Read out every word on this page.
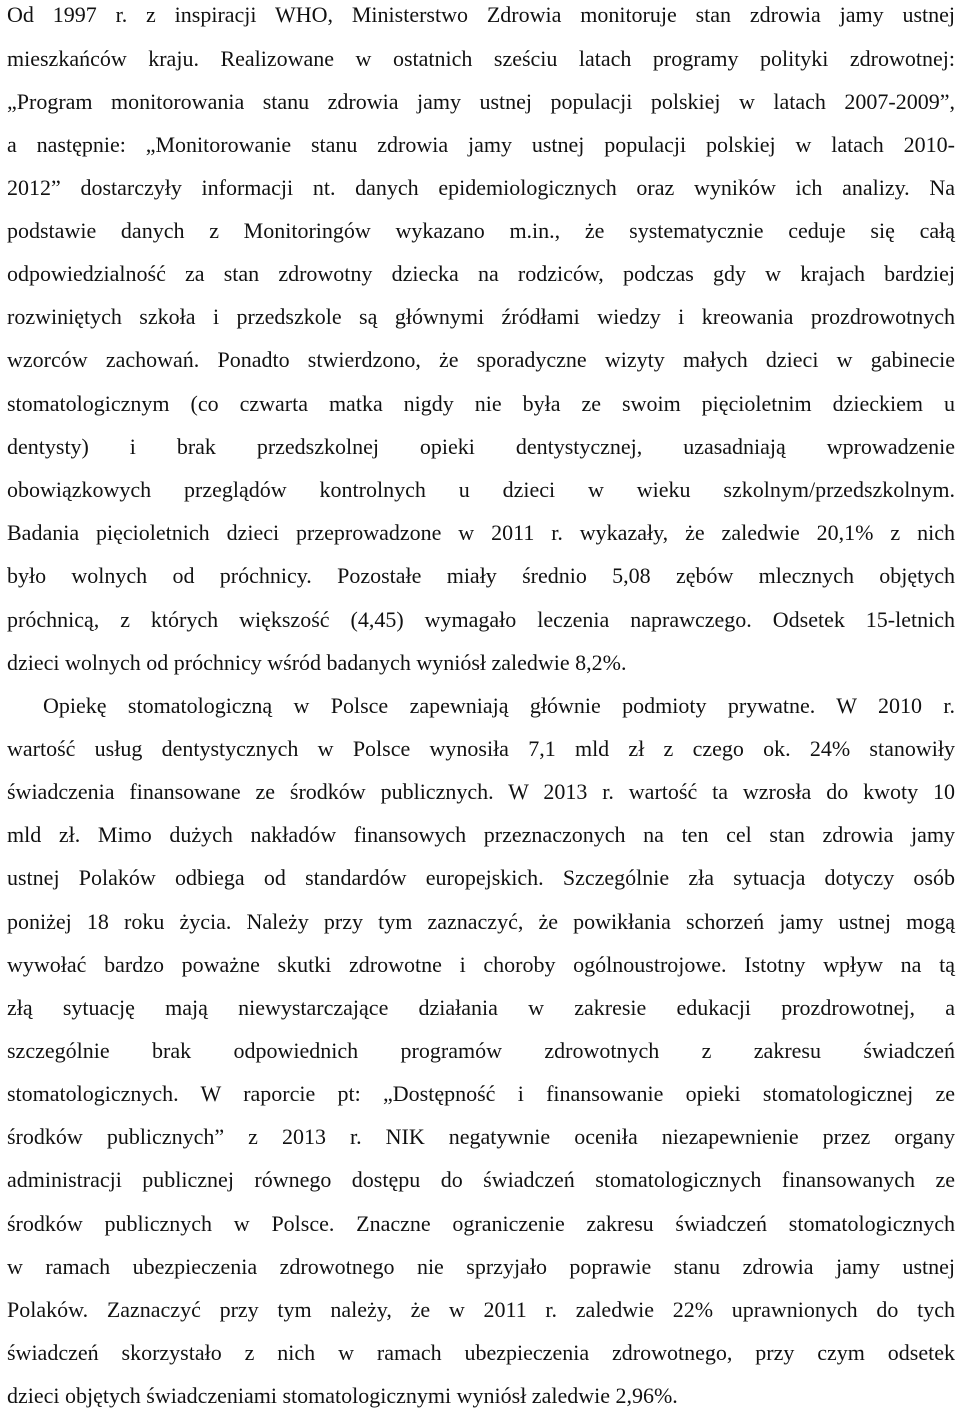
Od 1997 r. z inspiracji WHO, Ministerstwo Zdrowia monitoruje stan zdrowia jamy ustnej
mieszkańców kraju. Realizowane w ostatnich sześciu latach programy polityki zdrowotnej:
„Program monitorowania stanu zdrowia jamy ustnej populacji polskiej w latach 2007-2009”,
a następnie: „Monitorowanie stanu zdrowia jamy ustnej populacji polskiej w latach 2010-
2012” dostarczyły informacji nt. danych epidemiologicznych oraz wyników ich analizy. Na
podstawie danych z Monitoringów wykazano m.in., że systematycznie ceduje się całą
odpowiedzialność za stan zdrowotny dziecka na rodziców, podczas gdy w krajach bardziej
rozwiniętych szkoła i przedszkole są głównymi źródłami wiedzy i kreowania prozdrowotnych
wzorców zachowań. Ponadto stwierdzono, że sporadyczne wizyty małych dzieci w gabinecie
stomatologicznym (co czwarta matka nigdy nie była ze swoim pięcioletnim dzieckiem u
dentysty) i brak przedszkolnej opieki dentystycznej, uzasadniają wprowadzenie
obowiązkowych przeglądów kontrolnych u dzieci w wieku szkolnym/przedszkolnym.
Badania pięcioletnich dzieci przeprowadzone w 2011 r. wykazały, że zaledwie 20,1% z nich
było wolnych od próchnicy. Pozostałe miały średnio 5,08 zębów mlecznych objętych
próchnicą, z których większość (4,45) wymagało leczenia naprawczego. Odsetek 15-letnich
dzieci wolnych od próchnicy wśród badanych wyniósł zaledwie 8,2%.
Opiekę stomatologiczną w Polsce zapewniają głównie podmioty prywatne. W 2010 r.
wartość usług dentystycznych w Polsce wynosiła 7,1 mld zł z czego ok. 24% stanowiły
świadczenia finansowane ze środków publicznych. W 2013 r. wartość ta wzrosła do kwoty 10
mld zł. Mimo dużych nakładów finansowych przeznaczonych na ten cel stan zdrowia jamy
ustnej Polaków odbiega od standardów europejskich. Szczególnie zła sytuacja dotyczy osób
poniżej 18 roku życia. Należy przy tym zaznaczyć, że powikłania schorzeń jamy ustnej mogą
wywołać bardzo poważne skutki zdrowotne i choroby ogólnoustrojowe. Istotny wpływ na tą
złą sytuację mają niewystarczające działania w zakresie edukacji prozdrowotnej, a
szczególnie brak odpowiednich programów zdrowotnych z zakresu świadczeń
stomatologicznych. W raporcie pt: „Dostępność i finansowanie opieki stomatologicznej ze
środków publicznych” z 2013 r. NIK negatywnie oceniła niezapewnienie przez organy
administracji publicznej równego dostępu do świadczeń stomatologicznych finansowanych ze
środków publicznych w Polsce. Znaczne ograniczenie zakresu świadczeń stomatologicznych
w ramach ubezpieczenia zdrowotnego nie sprzyjało poprawie stanu zdrowia jamy ustnej
Polaków. Zaznaczyć przy tym należy, że w 2011 r. zaledwie 22% uprawnionych do tych
świadczeń skorzystało z nich w ramach ubezpieczenia zdrowotnego, przy czym odsetek
dzieci objętych świadczeniami stomatologicznymi wyniósł zaledwie 2,96%.
